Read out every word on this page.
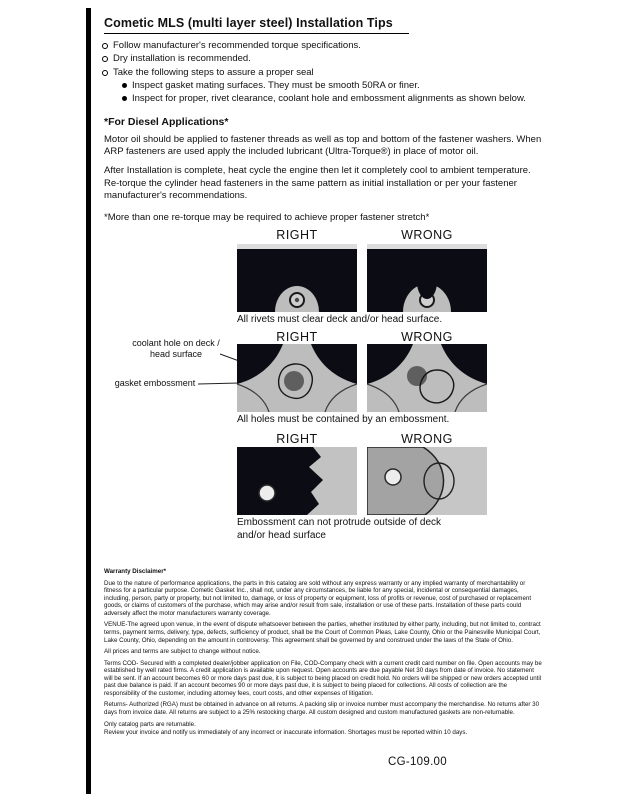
Cometic MLS (multi layer steel) Installation Tips
Follow manufacturer's recommended torque specifications.
Dry installation is recommended.
Take the following steps to assure a proper seal
Inspect gasket mating surfaces. They must be smooth 50RA or finer.
Inspect for proper, rivet clearance, coolant hole and embossment alignments as shown below.
*For Diesel Applications*

Motor oil should be applied to fastener threads as well as top and bottom of the fastener washers. When ARP fasteners are used apply the included lubricant (Ultra-Torque®) in place of motor oil.

After Installation is complete, heat cycle the engine then let it completely cool to ambient temperature. Re-torque the cylinder head fasteners in the same pattern as initial installation or per your fastener manufacturer's recommendations.

*More than one re-torque may be required to achieve proper fastener stretch*

RIGHT	WRONG
All rivets must clear deck and/or head surface.
RIGHT	WRONG
coolant hole on deck / head surface
gasket embossment
All holes must be contained by an embossment.
RIGHT	WRONG
Embossment can not protrude outside of deck and/or head surface
Warranty Disclaimer*

Due to the nature of performance applications, the parts in this catalog are sold without any express warranty or any implied warranty of merchantability or fitness for a particular purpose. Cometic Gasket Inc., shall not, under any circumstances, be liable for any special, incidental or consequential damages, including, person, party or property, but not limited to, damage, or loss of property or equipment, loss of profits or revenue, cost of purchased or replacement goods, or claims of customers of the purchase, which may arise and/or result from sale, installation or use of these parts. Installation of these parts could adversely affect the motor manufacturers warranty coverage.

VENUE-The agreed upon venue, in the event of dispute whatsoever between the parties, whether instituted by either party, including, but not limited to, contract terms, payment terms, delivery, type, defects, sufficiency of product, shall be the Court of Common Pleas, Lake County, Ohio or the Painesville Municipal Court, Lake County, Ohio, depending on the amount in controversy. This agreement shall be governed by and construed under the laws of the State of Ohio.

All prices and terms are subject to change without notice.

Terms COD- Secured with a completed dealer/jobber application on File, COD-Company check with a current credit card number on file. Open accounts may be established by well rated firms. A credit application is available upon request. Open accounts are due payable Net 30 days from date of invoice. No statement will be sent. If an account becomes 60 or more days past due, it is subject to being placed on credit hold. No orders will be shipped or new orders accepted until past due balance is paid. If an account becomes 90 or more days past due, it is subject to being placed for collections. All costs of collection are the responsibility of the customer, including attorney fees, court costs, and other expenses of litigation.

Returns- Authorized (RGA) must be obtained in advance on all returns. A packing slip or invoice number must accompany the merchandise. No returns after 30 days from invoice date. All returns are subject to a 25% restocking charge. All custom designed and custom manufactured gaskets are non-returnable.

Only catalog parts are returnable.

Review your invoice and notify us immediately of any incorrect or inaccurate information. Shortages must be reported within 10 days.

CG-109.00
